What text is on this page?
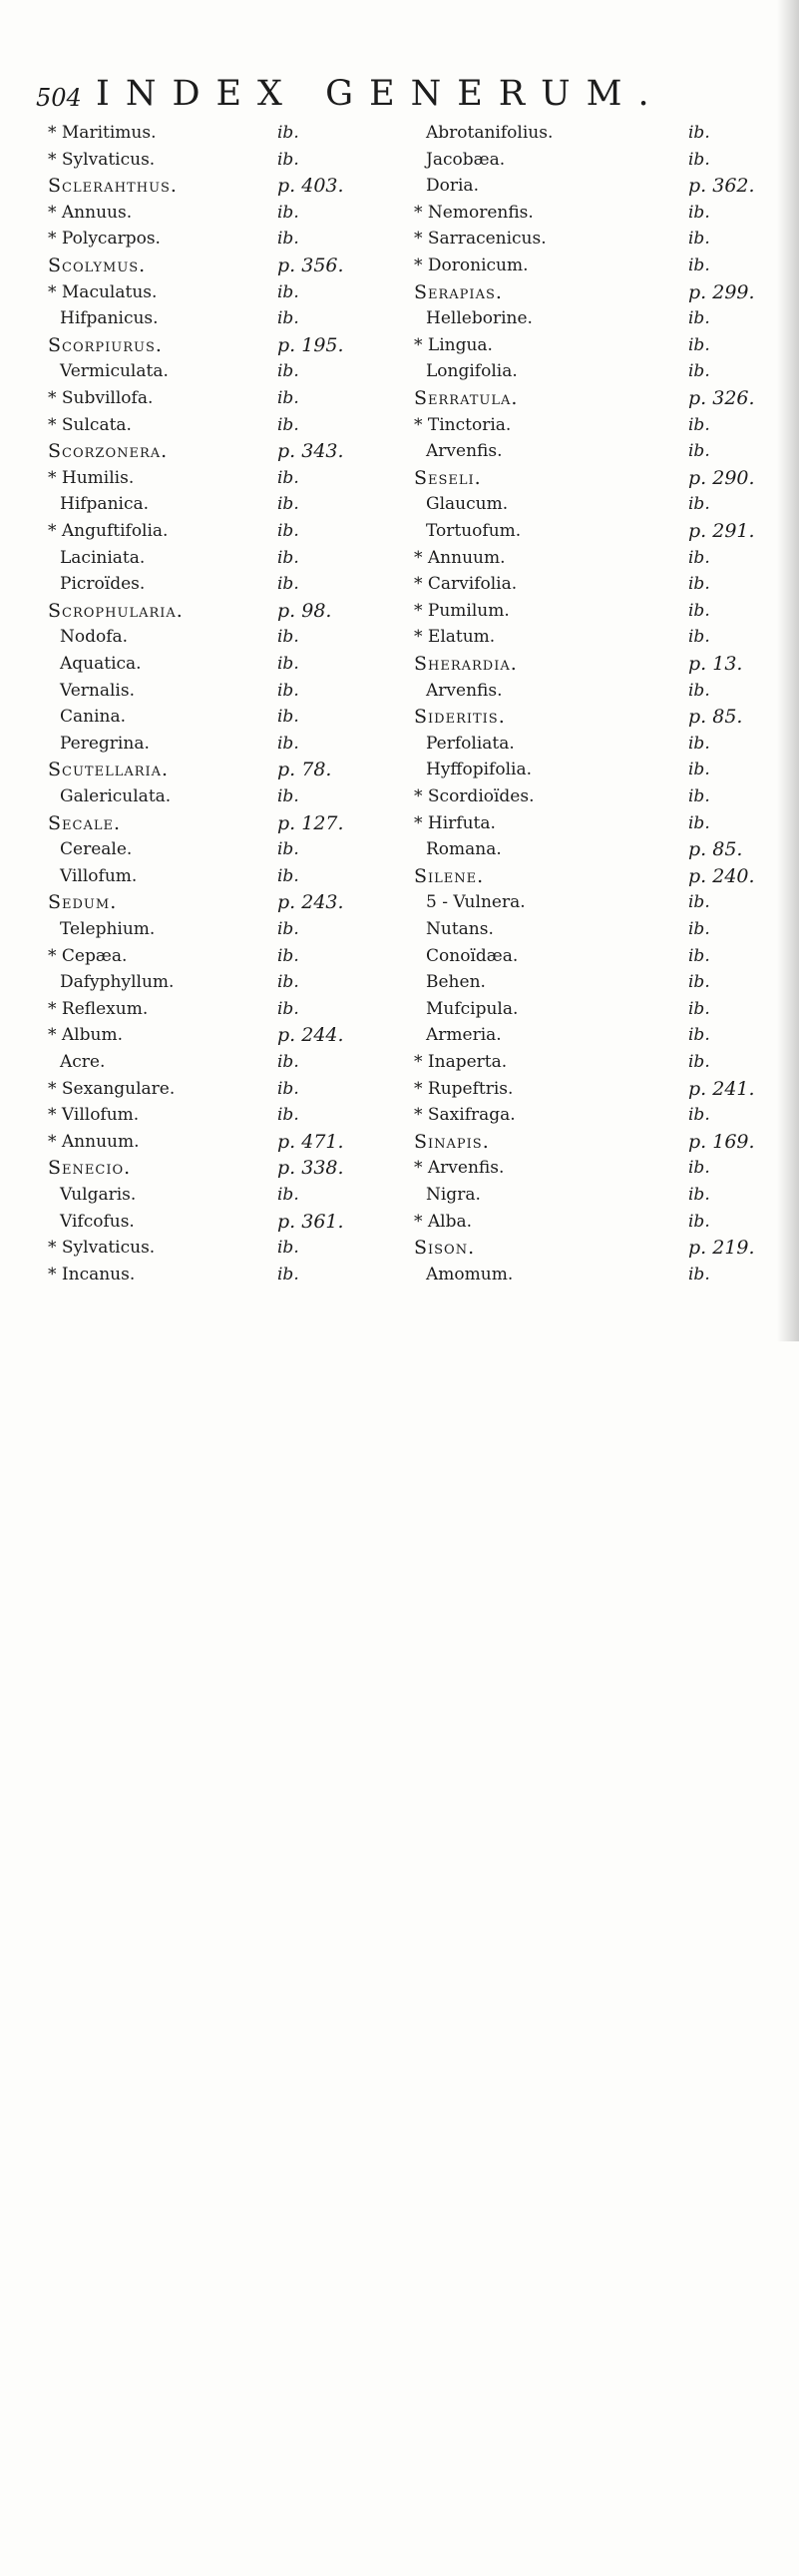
504 INDEX GENERUM.
* Maritimus.	ib.
* Sylvaticus.	ib.
Sclerанthus.	p. 403.
* Annuus.	ib.
* Polycarpos.	ib.
Scolymus.	p. 356.
* Maculatus.	ib.
Hifpanicus.	ib.
Scorpiurus.	p. 195.
Vermiculata.	ib.
* Subvillofa.	ib.
* Sulcata.	ib.
Scorzonera.	p. 343.
* Humilis.	ib.
Hifpanica.	ib.
* Anguftifolia.	ib.
Laciniata.	ib.
Picroïdes.	ib.
Scrophularia.	p. 98.
Nodofa.	ib.
Aquatica.	ib.
Vernalis.	ib.
Canina.	ib.
Peregrina.	ib.
Scutellaria.	p. 78.
Galericulata.	ib.
Secale.	p. 127.
Cereale.	ib.
Villofum.	ib.
Sedum.	p. 243.
Telephium.	ib.
* Cepæa.	ib.
Dafyphyllum.	ib.
* Reflexum.	ib.
* Album.	p. 244.
Acre.	ib.
* Sexangulare.	ib.
* Villofum.	ib.
* Annuum.	p. 471.
Senecio.	p. 338.
Vulgaris.	ib.
Vifcofus.	p. 361.
* Sylvaticus.	ib.
* Incanus.	ib.
Abrotanifolius.	ib.
Jacobæa.	ib.
Doria.	p. 362.
* Nemorenfis.	ib.
* Sarracenicus.	ib.
* Doronicum.	ib.
Serapias.	p. 299.
Helleborine.	ib.
* Lingua.	ib.
Longifolia.	ib.
Serratula.	p. 326.
* Tinctoria.	ib.
Arvenfis.	ib.
Seseli.	p. 290.
Glaucum.	ib.
Tortuofum.	p. 291.
* Annuum.	ib.
* Carvifolia.	ib.
* Pumilum.	ib.
* Elatum.	ib.
Sherardia.	p. 13.
Arvenfis.	ib.
Sideritis.	p. 85.
Perfoliata.	ib.
Hyffopifolia.	ib.
* Scordioïdes.	ib.
* Hirfuta.	ib.
Romana.	p. 85.
Silene.	p. 240.
5 - Vulnera.	ib.
Nutans.	ib.
Conoïdæa.	ib.
Behen.	ib.
Mufcipula.	ib.
Armeria.	ib.
* Inaperta.	ib.
* Rupeftris.	p. 241.
* Saxifraga.	ib.
Sinapis.	p. 169.
* Arvenfis.	ib.
Nigra.	ib.
* Alba.	ib.
Sison.	p. 219.
Amomum.	ib.
